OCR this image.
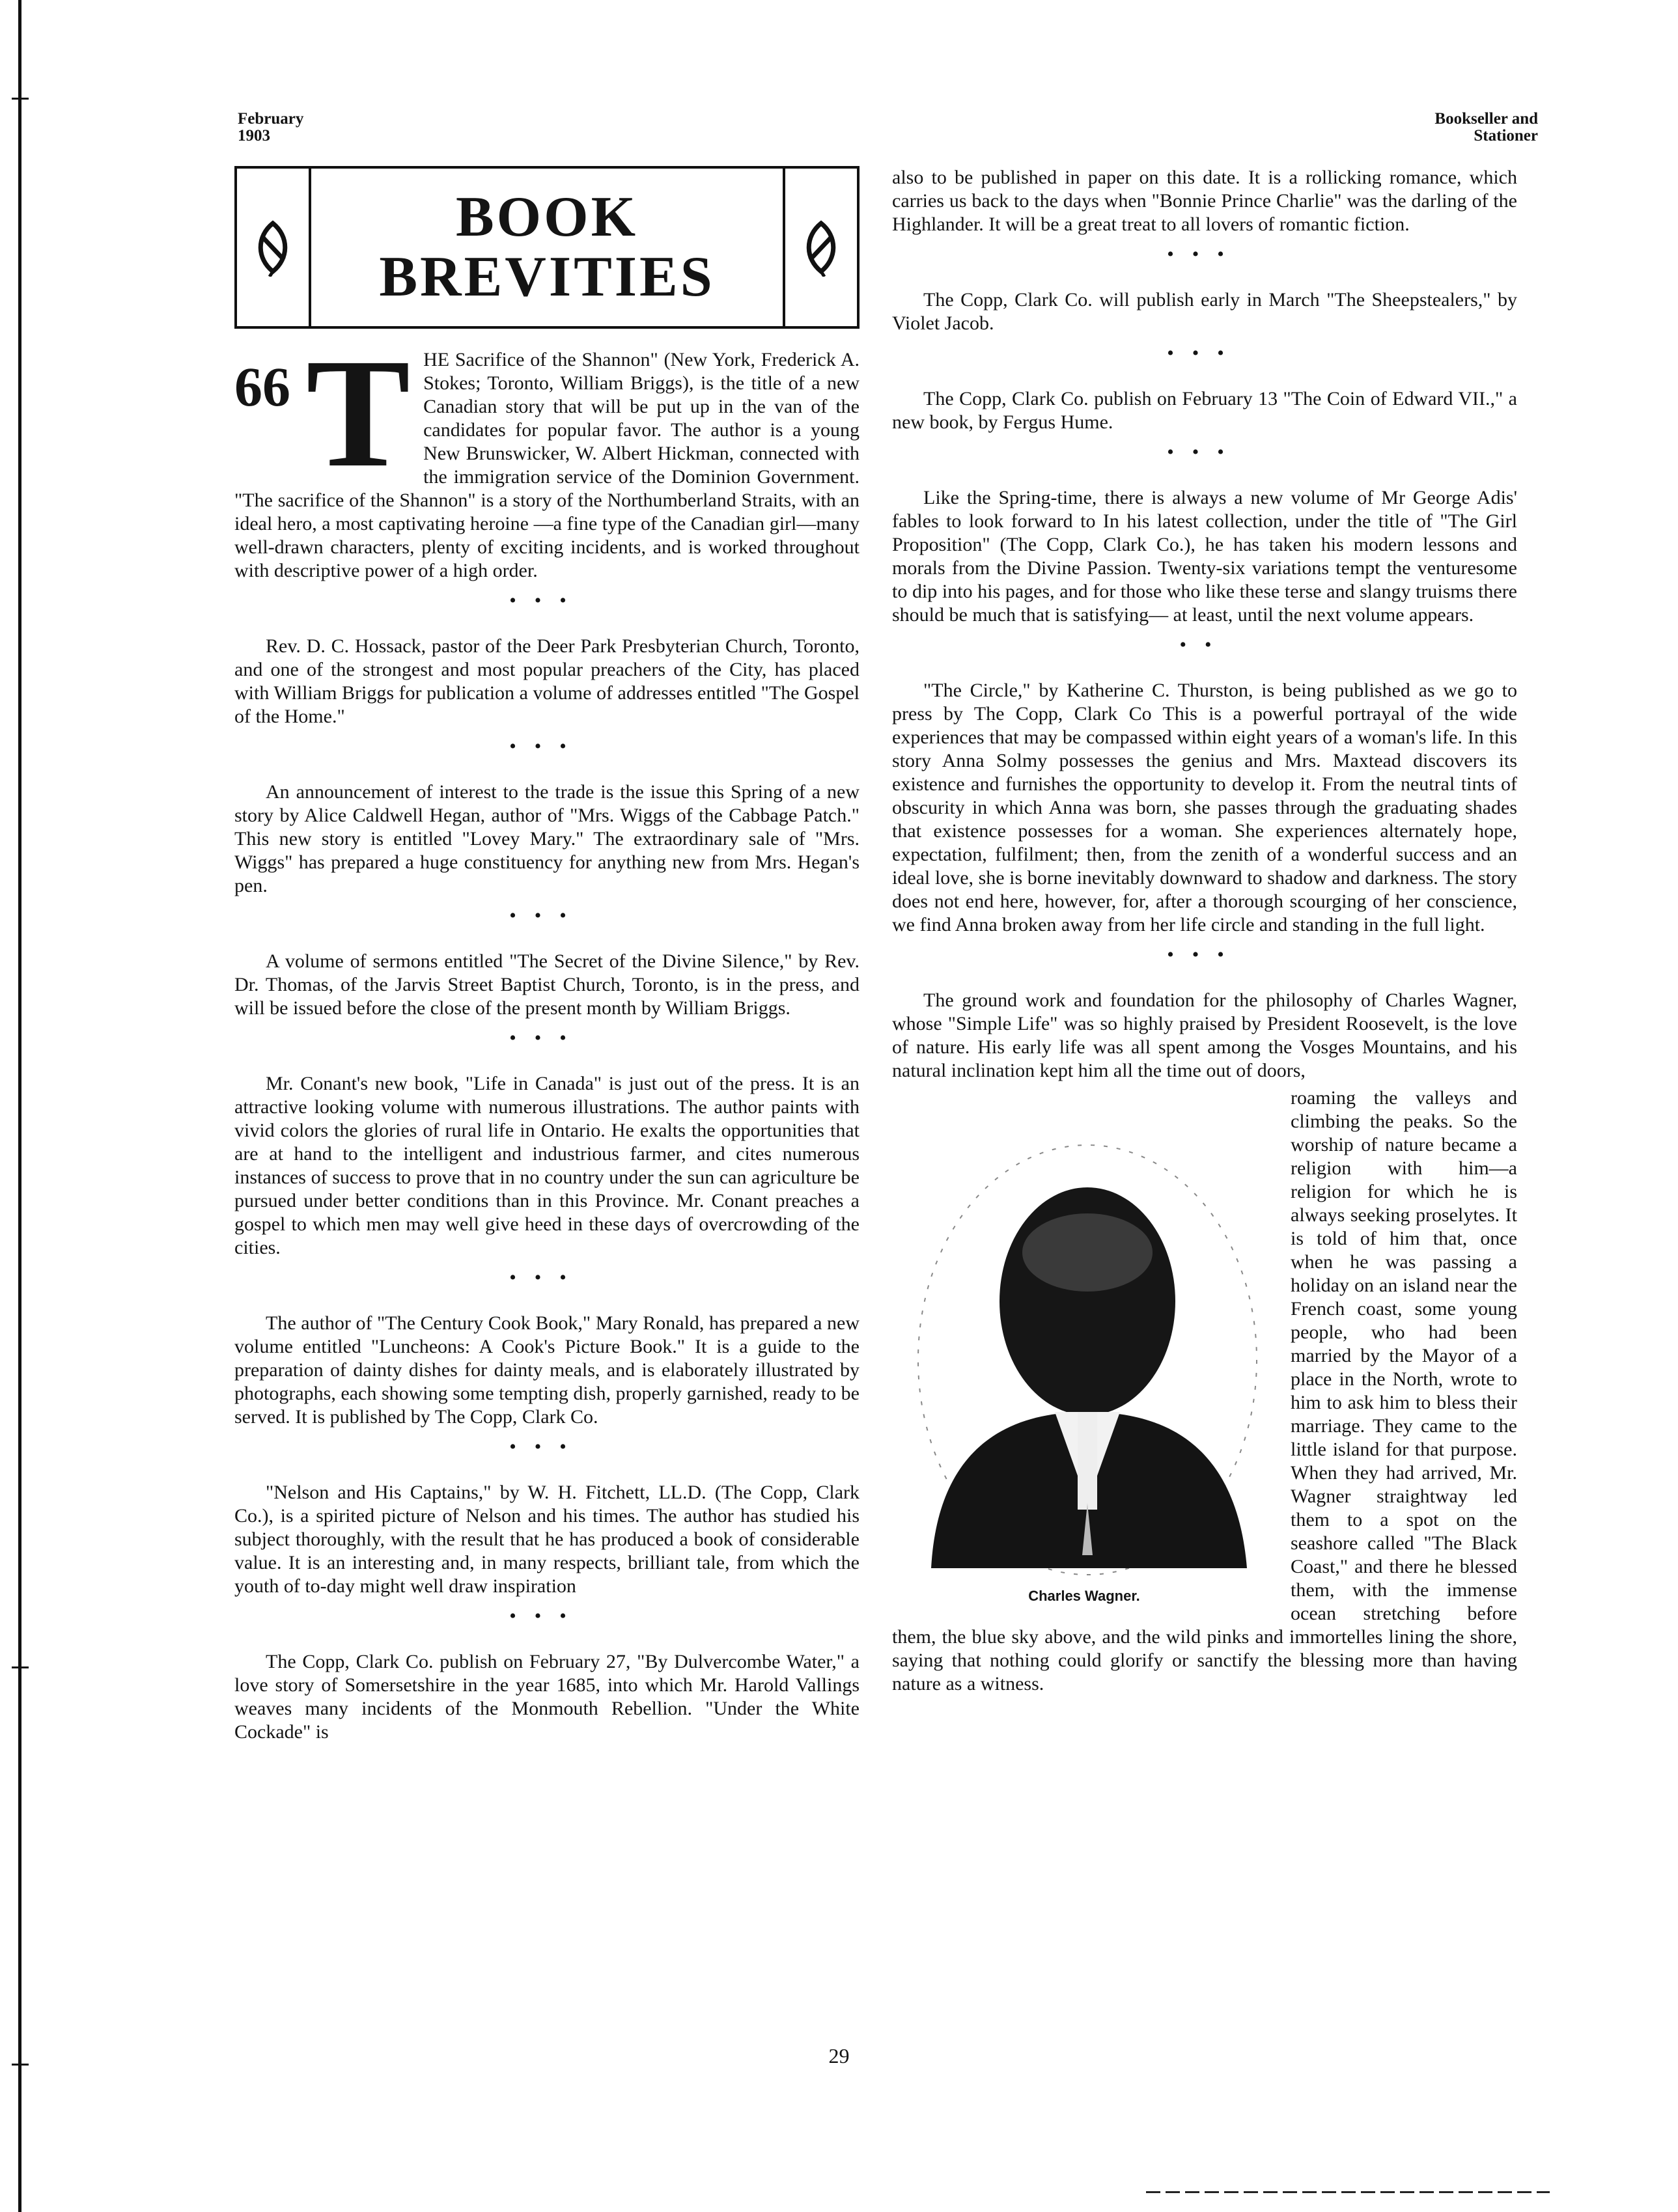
February
1903
Bookseller and
Stationer
BOOK
BREVITIES
66 T HE Sacrifice of the Shannon" (New York, Frederick A. Stokes; Toronto, William Briggs), is the title of a new Canadian story that will be put up in the van of the candidates for popular favor. The author is a young New Brunswicker, W. Albert Hickman, connected with the immigration service of the Dominion Government. "The sacrifice of the Shannon" is a story of the Northumberland Straits, with an ideal hero, a most captivating heroine —a fine type of the Canadian girl—many well-drawn characters, plenty of exciting incidents, and is worked throughout with descriptive power of a high order.

•••

Rev. D. C. Hossack, pastor of the Deer Park Presbyterian Church, Toronto, and one of the strongest and most popular preachers of the City, has placed with William Briggs for publication a volume of addresses entitled "The Gospel of the Home."

•••

An announcement of interest to the trade is the issue this Spring of a new story by Alice Caldwell Hegan, author of "Mrs. Wiggs of the Cabbage Patch." This new story is entitled "Lovey Mary." The extraordinary sale of "Mrs. Wiggs" has prepared a huge constituency for anything new from Mrs. Hegan's pen.

•••

A volume of sermons entitled "The Secret of the Divine Silence," by Rev. Dr. Thomas, of the Jarvis Street Baptist Church, Toronto, is in the press, and will be issued before the close of the present month by William Briggs.

•••

Mr. Conant's new book, "Life in Canada" is just out of the press. It is an attractive looking volume with numerous illustrations. The author paints with vivid colors the glories of rural life in Ontario. He exalts the opportunities that are at hand to the intelligent and industrious farmer, and cites numerous instances of success to prove that in no country under the sun can agriculture be pursued under better conditions than in this Province. Mr. Conant preaches a gospel to which men may well give heed in these days of overcrowding of the cities.

•••

The author of "The Century Cook Book," Mary Ronald, has prepared a new volume entitled "Luncheons: A Cook's Picture Book." It is a guide to the preparation of dainty dishes for dainty meals, and is elaborately illustrated by photographs, each showing some tempting dish, properly garnished, ready to be served. It is published by The Copp, Clark Co.

•••

"Nelson and His Captains," by W. H. Fitchett, LL.D. (The Copp, Clark Co.), is a spirited picture of Nelson and his times. The author has studied his subject thoroughly, with the result that he has produced a book of considerable value. It is an interesting and, in many respects, brilliant tale, from which the youth of to-day might well draw inspiration

•••

The Copp, Clark Co. publish on February 27, "By Dulvercombe Water," a love story of Somersetshire in the year 1685, into which Mr. Harold Vallings weaves many incidents of the Monmouth Rebellion. "Under the White Cockade" is

also to be published in paper on this date. It is a rollicking romance, which carries us back to the days when "Bonnie Prince Charlie" was the darling of the Highlander. It will be a great treat to all lovers of romantic fiction.

•••

The Copp, Clark Co. will publish early in March "The Sheepstealers," by Violet Jacob.

•••

The Copp, Clark Co. publish on February 13 "The Coin of Edward VII.," a new book, by Fergus Hume.

•••

Like the Spring-time, there is always a new volume of Mr George Adis' fables to look forward to In his latest collection, under the title of "The Girl Proposition" (The Copp, Clark Co.), he has taken his modern lessons and morals from the Divine Passion. Twenty-six variations tempt the venturesome to dip into his pages, and for those who like these terse and slangy truisms there should be much that is satisfying— at least, until the next volume appears.

••

"The Circle," by Katherine C. Thurston, is being published as we go to press by The Copp, Clark Co This is a powerful portrayal of the wide experiences that may be compassed within eight years of a woman's life. In this story Anna Solmy possesses the genius and Mrs. Maxtead discovers its existence and furnishes the opportunity to develop it. From the neutral tints of obscurity in which Anna was born, she passes through the graduating shades that existence possesses for a woman. She experiences alternately hope, expectation, fulfilment; then, from the zenith of a wonderful success and an ideal love, she is borne inevitably downward to shadow and darkness. The story does not end here, however, for, after a thorough scourging of her conscience, we find Anna broken away from her life circle and standing in the full light.

•••

The ground work and foundation for the philosophy of Charles Wagner, whose "Simple Life" was so highly praised by President Roosevelt, is the love of nature. His early life was all spent among the Vosges Mountains, and his natural inclination kept him all the time out of doors,

Charles Wagner.

roaming the valleys and climbing the peaks. So the worship of nature became a religion with him—a religion for which he is always seeking proselytes. It is told of him that, once when he was passing a holiday on an island near the French coast, some young people, who had been married by the Mayor of a place in the North, wrote to him to ask him to bless their marriage. They came to the little island for that purpose. When they had arrived, Mr. Wagner straightway led them to a spot on the seashore called "The Black Coast," and there he blessed them, with the immense ocean stretching before them, the blue sky above, and the wild pinks and immortelles lining the shore, saying that nothing could glorify or sanctify the blessing more than having nature as a witness.

29
